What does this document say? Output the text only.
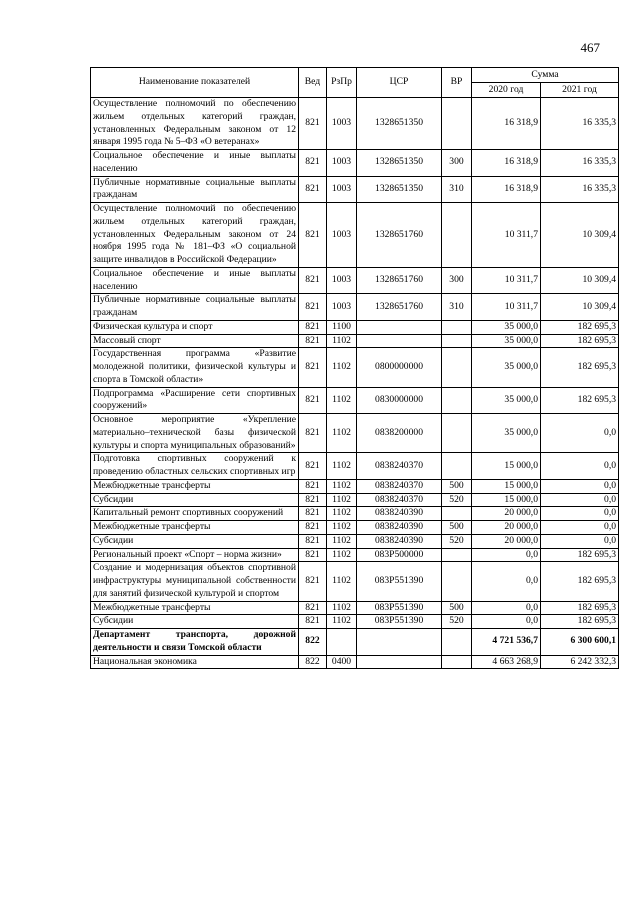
467
Наименование показателей	Вед	РзПр	ЦСР	ВР	Сумма	
					2020 год	2021 год
Осуществление полномочий по обеспечению жильем отдельных категорий граждан, установленных Федеральным законом от 12 января 1995 года № 5–ФЗ «О ветеранах»	821	1003	1328651350		16 318,9	16 335,3
Социальное обеспечение и иные выплаты населению	821	1003	1328651350	300	16 318,9	16 335,3
Публичные нормативные социальные выплаты гражданам	821	1003	1328651350	310	16 318,9	16 335,3
Осуществление полномочий по обеспечению жильем отдельных категорий граждан, установленных Федеральным законом от 24 ноября 1995 года № 181–ФЗ «О социальной защите инвалидов в Российской Федерации»	821	1003	1328651760		10 311,7	10 309,4
Социальное обеспечение и иные выплаты населению	821	1003	1328651760	300	10 311,7	10 309,4
Публичные нормативные социальные выплаты гражданам	821	1003	1328651760	310	10 311,7	10 309,4
Физическая культура и спорт	821	1100			35 000,0	182 695,3
Массовый спорт	821	1102			35 000,0	182 695,3
Государственная программа «Развитие молодежной политики, физической культуры и спорта в Томской области»	821	1102	0800000000		35 000,0	182 695,3
Подпрограмма «Расширение сети спортивных сооружений»	821	1102	0830000000		35 000,0	182 695,3
Основное мероприятие «Укрепление материально–технической базы физической культуры и спорта муниципальных образований»	821	1102	0838200000		35 000,0	0,0
Подготовка спортивных сооружений к проведению областных сельских спортивных игр	821	1102	0838240370		15 000,0	0,0
Межбюджетные трансферты	821	1102	0838240370	500	15 000,0	0,0
Субсидии	821	1102	0838240370	520	15 000,0	0,0
Капитальный ремонт спортивных сооружений	821	1102	0838240390		20 000,0	0,0
Межбюджетные трансферты	821	1102	0838240390	500	20 000,0	0,0
Субсидии	821	1102	0838240390	520	20 000,0	0,0
Региональный проект «Спорт – норма жизни»	821	1102	083P500000		0,0	182 695,3
Создание и модернизация объектов спортивной инфраструктуры муниципальной собственности для занятий физической культурой и спортом	821	1102	083P551390		0,0	182 695,3
Межбюджетные трансферты	821	1102	083P551390	500	0,0	182 695,3
Субсидии	821	1102	083P551390	520	0,0	182 695,3
Департамент транспорта, дорожной деятельности и связи Томской области	822				4 721 536,7	6 300 600,1
Национальная экономика	822	0400			4 663 268,9	6 242 332,3
